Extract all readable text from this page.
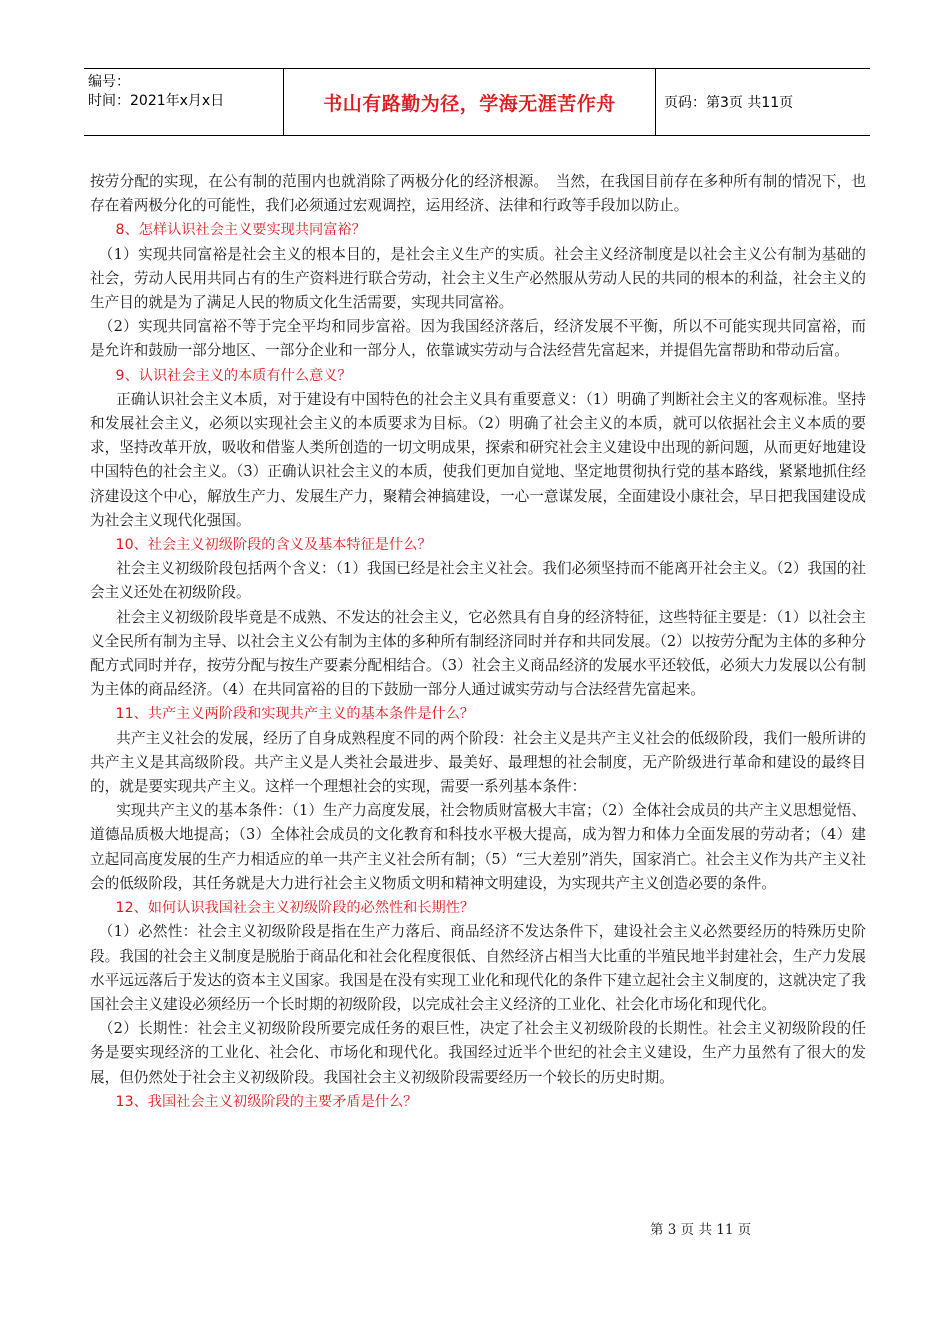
编号：
时间：2021年x月x日	书山有路勤为径，学海无涯苦作舟	页码：第3页 共11页

按劳分配的实现，在公有制的范围内也就消除了两极分化的经济根源。　当然，在我国目前存在多种所有制的情况下，也存在着两极分化的可能性，我们必须通过宏观调控，运用经济、法律和行政等手段加以防止。

8、怎样认识社会主义要实现共同富裕？

（1）实现共同富裕是社会主义的根本目的，是社会主义生产的实质。社会主义经济制度是以社会主义公有制为基础的社会，劳动人民用共同占有的生产资料进行联合劳动，社会主义生产必然服从劳动人民的共同的根本的利益，社会主义的生产目的就是为了满足人民的物质文化生活需要，实现共同富裕。

（2）实现共同富裕不等于完全平均和同步富裕。因为我国经济落后，经济发展不平衡，所以不可能实现共同富裕，而是允许和鼓励一部分地区、一部分企业和一部分人，依靠诚实劳动与合法经营先富起来，并提倡先富帮助和带动后富。

9、认识社会主义的本质有什么意义？

正确认识社会主义本质，对于建设有中国特色的社会主义具有重要意义：（1）明确了判断社会主义的客观标准。坚持和发展社会主义，必须以实现社会主义的本质要求为目标。（2）明确了社会主义的本质，就可以依据社会主义本质的要求，坚持改革开放，吸收和借鉴人类所创造的一切文明成果，探索和研究社会主义建设中出现的新问题，从而更好地建设中国特色的社会主义。（3）正确认识社会主义的本质，使我们更加自觉地、坚定地贯彻执行党的基本路线，紧紧地抓住经济建设这个中心，解放生产力、发展生产力，聚精会神搞建设，一心一意谋发展，全面建设小康社会，早日把我国建设成为社会主义现代化强国。

10、社会主义初级阶段的含义及基本特征是什么？

社会主义初级阶段包括两个含义：（1）我国已经是社会主义社会。我们必须坚持而不能离开社会主义。（2）我国的社会主义还处在初级阶段。

社会主义初级阶段毕竟是不成熟、不发达的社会主义，它必然具有自身的经济特征，这些特征主要是：（1）以社会主义全民所有制为主导、以社会主义公有制为主体的多种所有制经济同时并存和共同发展。（2）以按劳分配为主体的多种分配方式同时并存，按劳分配与按生产要素分配相结合。（3）社会主义商品经济的发展水平还较低，必须大力发展以公有制为主体的商品经济。（4）在共同富裕的目的下鼓励一部分人通过诚实劳动与合法经营先富起来。

11、共产主义两阶段和实现共产主义的基本条件是什么？

共产主义社会的发展，经历了自身成熟程度不同的两个阶段：社会主义是共产主义社会的低级阶段，我们一般所讲的共产主义是其高级阶段。共产主义是人类社会最进步、最美好、最理想的社会制度，无产阶级进行革命和建设的最终目的，就是要实现共产主义。这样一个理想社会的实现，需要一系列基本条件：

实现共产主义的基本条件：（1）生产力高度发展，社会物质财富极大丰富；（2）全体社会成员的共产主义思想觉悟、道德品质极大地提高；（3）全体社会成员的文化教育和科技水平极大提高，成为智力和体力全面发展的劳动者；（4）建立起同高度发展的生产力相适应的单一共产主义社会所有制；（5）“三大差别”消失，国家消亡。社会主义作为共产主义社会的低级阶段，其任务就是大力进行社会主义物质文明和精神文明建设，为实现共产主义创造必要的条件。

12、如何认识我国社会主义初级阶段的必然性和长期性？

（1）必然性：社会主义初级阶段是指在生产力落后、商品经济不发达条件下，建设社会主义必然要经历的特殊历史阶段。我国的社会主义制度是脱胎于商品化和社会化程度很低、自然经济占相当大比重的半殖民地半封建社会，生产力发展水平远远落后于发达的资本主义国家。我国是在没有实现工业化和现代化的条件下建立起社会主义制度的，这就决定了我国社会主义建设必须经历一个长时期的初级阶段，以完成社会主义经济的工业化、社会化市场化和现代化。

（2）长期性：社会主义初级阶段所要完成任务的艰巨性，决定了社会主义初级阶段的长期性。社会主义初级阶段的任务是要实现经济的工业化、社会化、市场化和现代化。我国经过近半个世纪的社会主义建设，生产力虽然有了很大的发展，但仍然处于社会主义初级阶段。我国社会主义初级阶段需要经历一个较长的历史时期。

13、我国社会主义初级阶段的主要矛盾是什么？

第 3 页 共 11 页
